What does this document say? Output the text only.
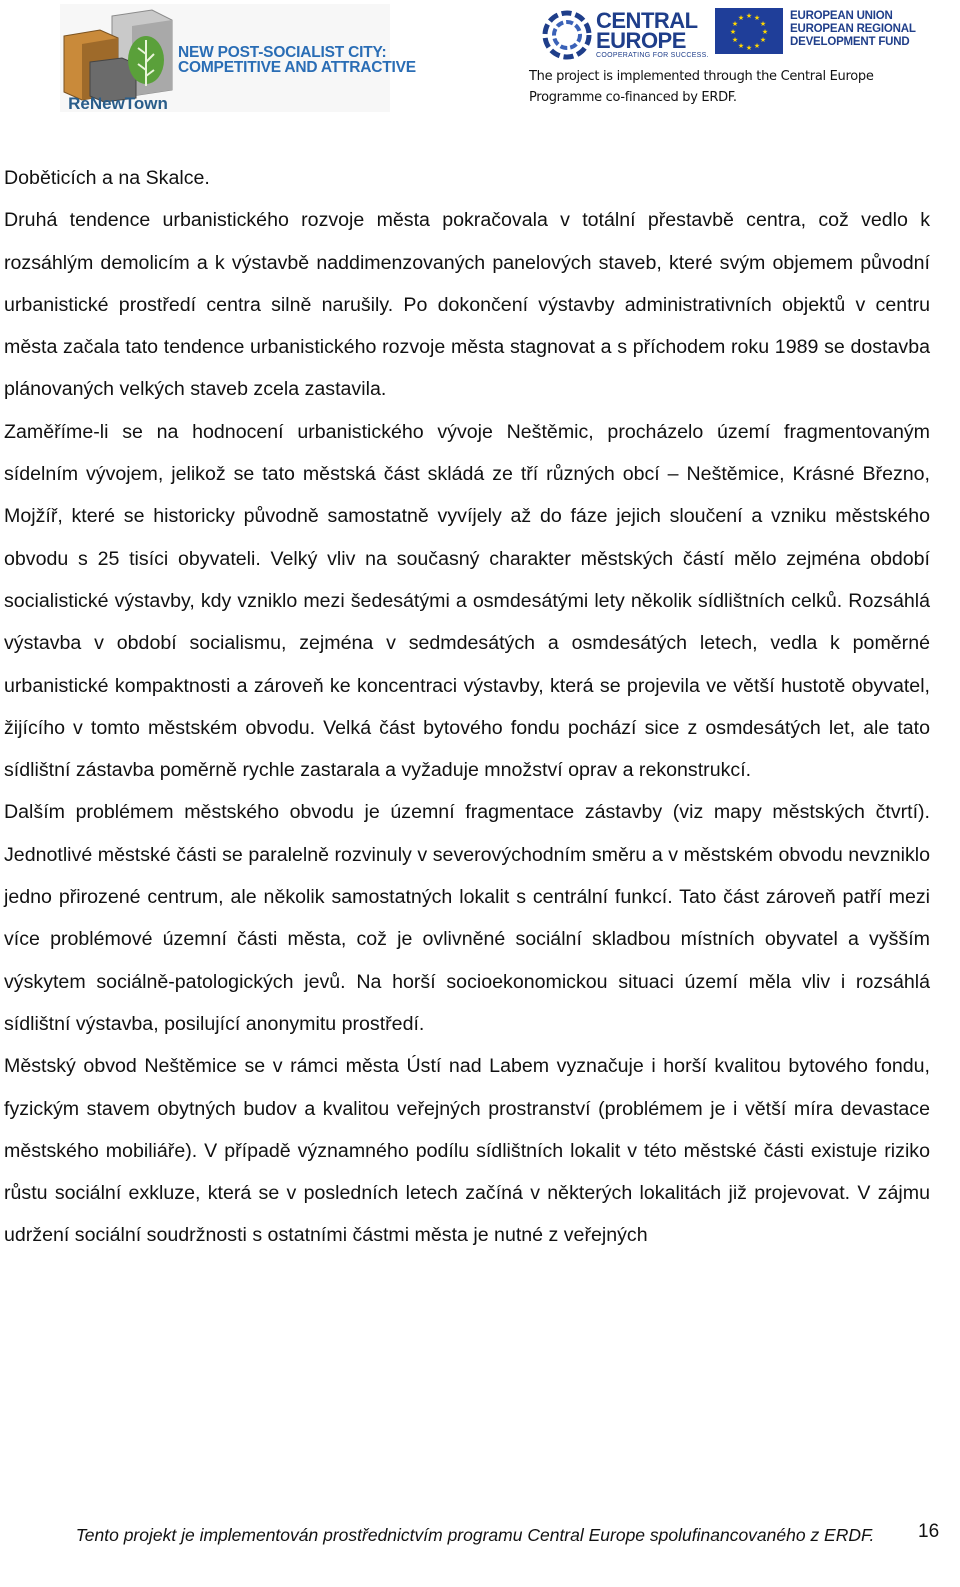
ReNewTown
NEW POST-SOCIALIST CITY:
COMPETITIVE AND ATTRACTIVE
CENTRAL
EUROPE
COOPERATING FOR SUCCESS.
★ ★
★
★
★
★
★
★
★
★
★
★	EUROPEAN UNION
EUROPEAN REGIONAL
DEVELOPMENT FUND
The project is implemented through the Central Europe
Programme co-financed by ERDF.

Doběticích a na Skalce.

Druhá tendence urbanistického rozvoje města pokračovala v totální přestavbě centra, což vedlo k rozsáhlým demolicím a k výstavbě naddimenzovaných panelových staveb, které svým objemem původní urbanistické prostředí centra silně narušily. Po dokončení výstavby administrativních objektů v centru města začala tato tendence urbanistického rozvoje města stagnovat a s příchodem roku 1989 se dostavba plánovaných velkých staveb zcela zastavila.

Zaměříme-li se na hodnocení urbanistického vývoje Neštěmic, procházelo území fragmentovaným sídelním vývojem, jelikož se tato městská část skládá ze tří různých obcí – Neštěmice, Krásné Březno, Mojžíř, které se historicky původně samostatně vyvíjely až do fáze jejich sloučení a vzniku městského obvodu s 25 tisíci obyvateli. Velký vliv na současný charakter městských částí mělo zejména období socialistické výstavby, kdy vzniklo mezi šedesátými a osmdesátými lety několik sídlištních celků. Rozsáhlá výstavba v období socialismu, zejména v sedmdesátých a osmdesátých letech, vedla k poměrné urbanistické kompaktnosti a zároveň ke koncentraci výstavby, která se projevila ve větší hustotě obyvatel, žijícího v tomto městském obvodu. Velká část bytového fondu pochází sice z osmdesátých let, ale tato sídlištní zástavba poměrně rychle zastarala a vyžaduje množství oprav a rekonstrukcí.

Dalším problémem městského obvodu je územní fragmentace zástavby (viz mapy městských čtvrtí). Jednotlivé městské části se paralelně rozvinuly v severovýchodním směru a v městském obvodu nevzniklo jedno přirozené centrum, ale několik samostatných lokalit s centrální funkcí. Tato část zároveň patří mezi více problémové územní části města, což je ovlivněné sociální skladbou místních obyvatel a vyšším výskytem sociálně-patologických jevů. Na horší socioekonomickou situaci území měla vliv i rozsáhlá sídlištní výstavba, posilující anonymitu prostředí.

Městský obvod Neštěmice se v rámci města Ústí nad Labem vyznačuje i horší kvalitou bytového fondu, fyzickým stavem obytných budov a kvalitou veřejných prostranství (problémem je i větší míra devastace městského mobiliáře). V případě významného podílu sídlištních lokalit v této městské části existuje riziko růstu sociální exkluze, která se v posledních letech začíná v některých lokalitách již projevovat. V zájmu udržení sociální soudržnosti s ostatními částmi města je nutné z veřejných

Tento projekt je implementován prostřednictvím programu Central Europe spolufinancovaného z ERDF.	16
